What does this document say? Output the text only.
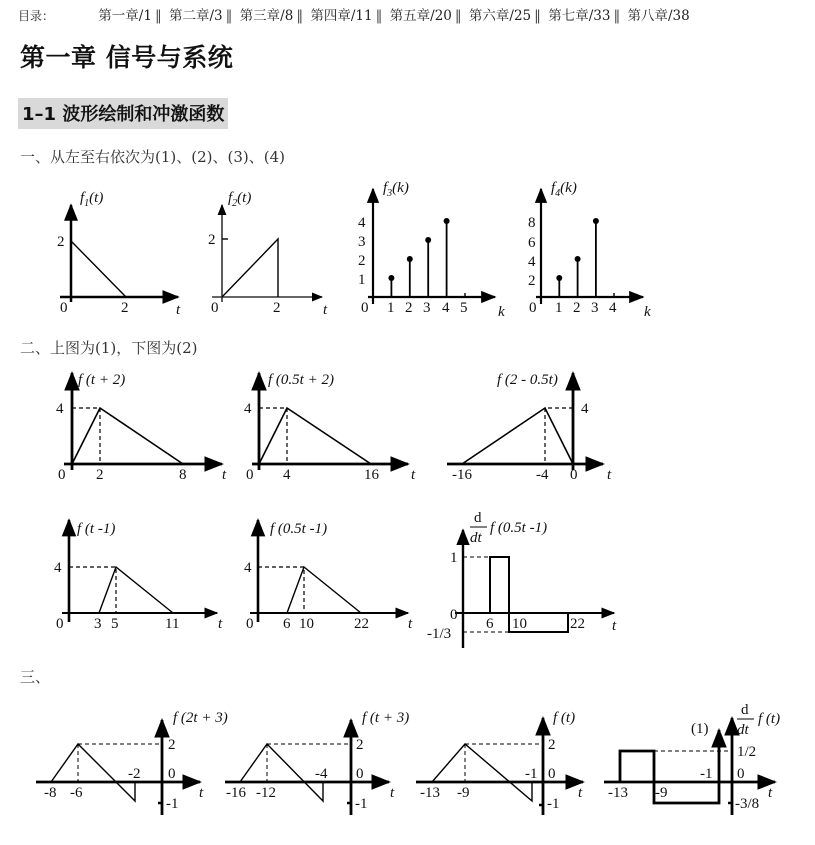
目录：	第一章/1 ‖ 第二章/3 ‖ 第三章/8 ‖ 第四章/11 ‖ 第五章/20 ‖ 第六章/25 ‖ 第七章/33 ‖ 第八章/38
第一章 信号与系统
1–1 波形绘制和冲激函数
一、从左至右依次为(1)、(2)、(3)、(4)
二、上图为(1)，下图为(2)
三、
$f_1(t)$
2
0	2	t
$f_2(t)$
2
0	2	t
$f_3(k)$
1
2
3
4
0 1 2 3 4 5 k
$f_4(k)$
2
4
6
8
0 1 2 3 4 k
f (t + 2)
4
0 2	8 t
f (0.5t + 2)
4
0 4	16 t
f (2 - 0.5t)
4
-16	-4 0 t
f (t -1)
4
0 3 5	11	t
f (0.5t -1)
4
0 6 10	22	t
d
dt
f (0.5t -1)
1
0
-1/3
6 10	22 t
f (2t + 3)
2
0
-1
-8 -6
-2
t
f (t + 3)
2
0
-1
-16 -12
-4
t
f (t)
2
0
-1
-13 -9
-1
t
(1)
d
dt
f (t)
1/2
0
-3/8
-13 -9
-1
t
